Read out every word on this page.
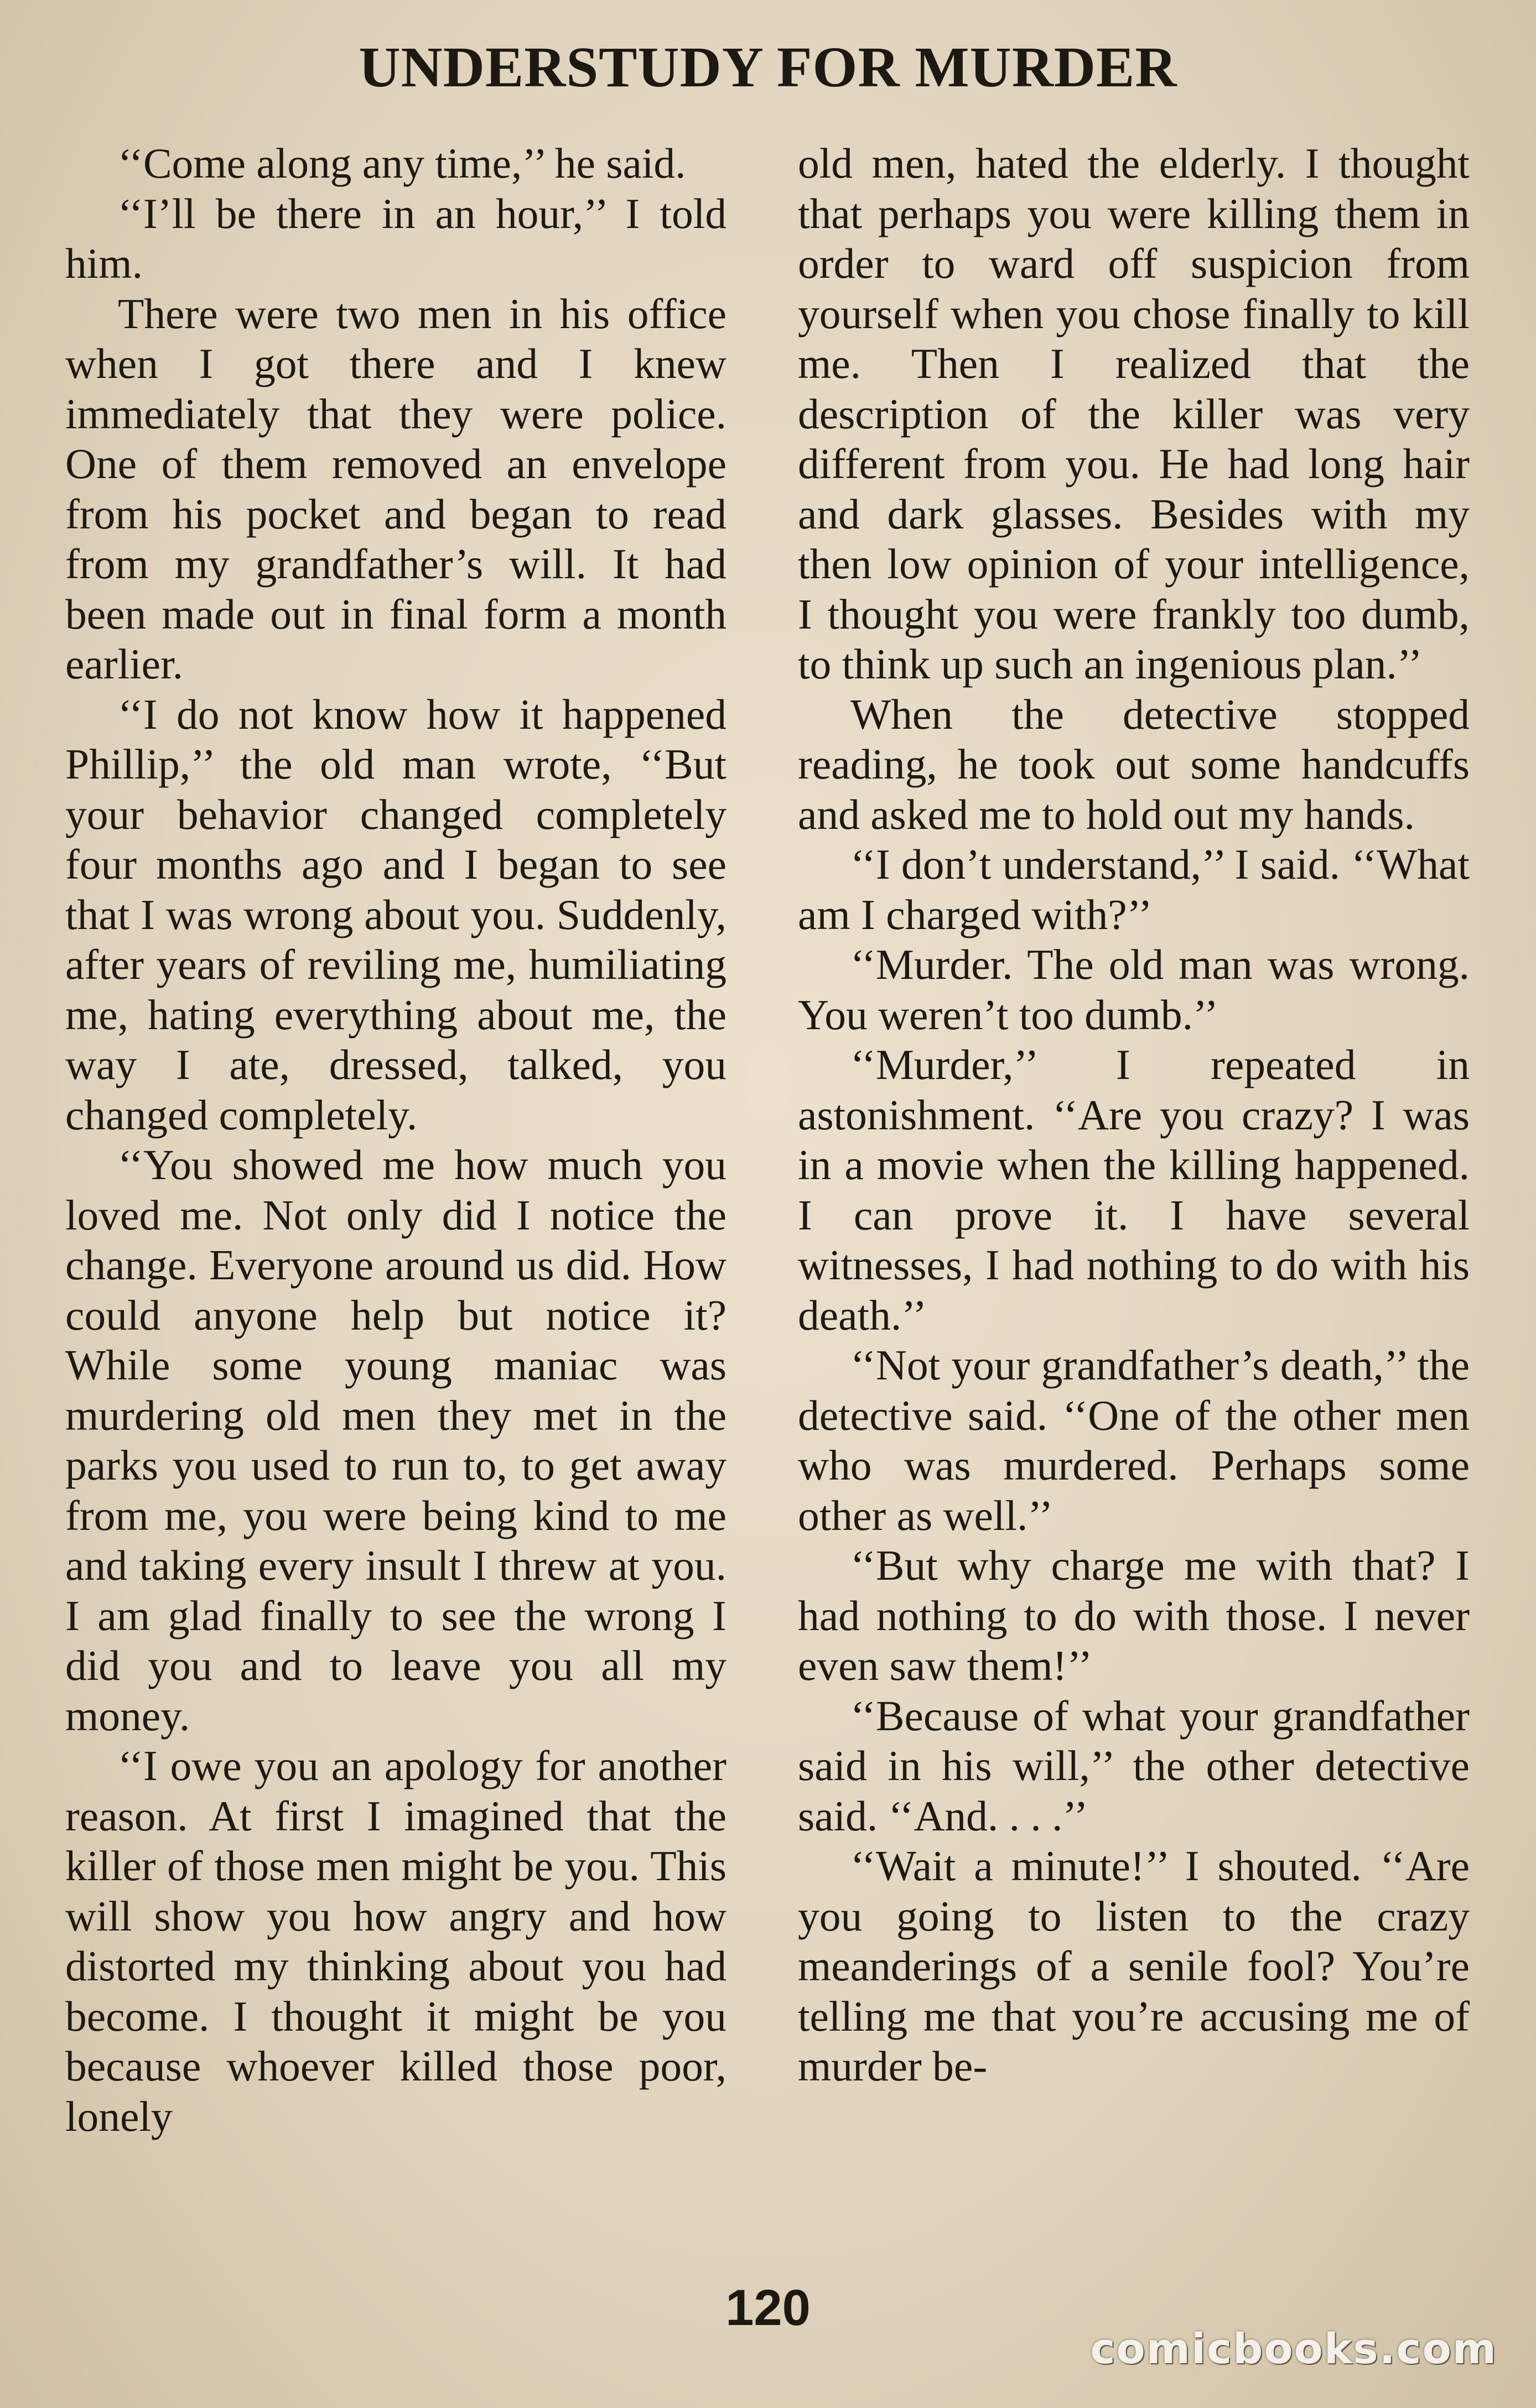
UNDERSTUDY FOR MURDER

‘‘Come along any time,’’ he said.

‘‘I’ll be there in an hour,’’ I told him.

There were two men in his office when I got there and I knew immediately that they were police. One of them removed an envelope from his pocket and began to read from my grandfather’s will. It had been made out in final form a month earlier.

‘‘I do not know how it happened Phillip,’’ the old man wrote, ‘‘But your behavior changed completely four months ago and I began to see that I was wrong about you. Suddenly, after years of reviling me, humiliating me, hating everything about me, the way I ate, dressed, talked, you changed completely.

‘‘You showed me how much you loved me. Not only did I notice the change. Everyone around us did. How could anyone help but notice it? While some young maniac was murdering old men they met in the parks you used to run to, to get away from me, you were being kind to me and taking every insult I threw at you. I am glad finally to see the wrong I did you and to leave you all my money.

‘‘I owe you an apology for another reason. At first I imagined that the killer of those men might be you. This will show you how angry and how distorted my thinking about you had become. I thought it might be you because whoever killed those poor, lonely

old men, hated the elderly. I thought that perhaps you were killing them in order to ward off suspicion from yourself when you chose finally to kill me. Then I realized that the description of the killer was very different from you. He had long hair and dark glasses. Besides with my then low opinion of your intelligence, I thought you were frankly too dumb, to think up such an ingenious plan.’’

When the detective stopped reading, he took out some handcuffs and asked me to hold out my hands.

‘‘I don’t understand,’’ I said. ‘‘What am I charged with?’’

‘‘Murder. The old man was wrong. You weren’t too dumb.’’

‘‘Murder,’’ I repeated in astonishment. ‘‘Are you crazy? I was in a movie when the killing happened. I can prove it. I have several witnesses, I had nothing to do with his death.’’

‘‘Not your grandfather’s death,’’ the detective said. ‘‘One of the other men who was murdered. Perhaps some other as well.’’

‘‘But why charge me with that? I had nothing to do with those. I never even saw them!’’

‘‘Because of what your grandfather said in his will,’’ the other detective said. ‘‘And. . . .’’

‘‘Wait a minute!’’ I shouted. ‘‘Are you going to listen to the crazy meanderings of a senile fool? You’re telling me that you’re accusing me of murder be-

120
comicbooks.com
